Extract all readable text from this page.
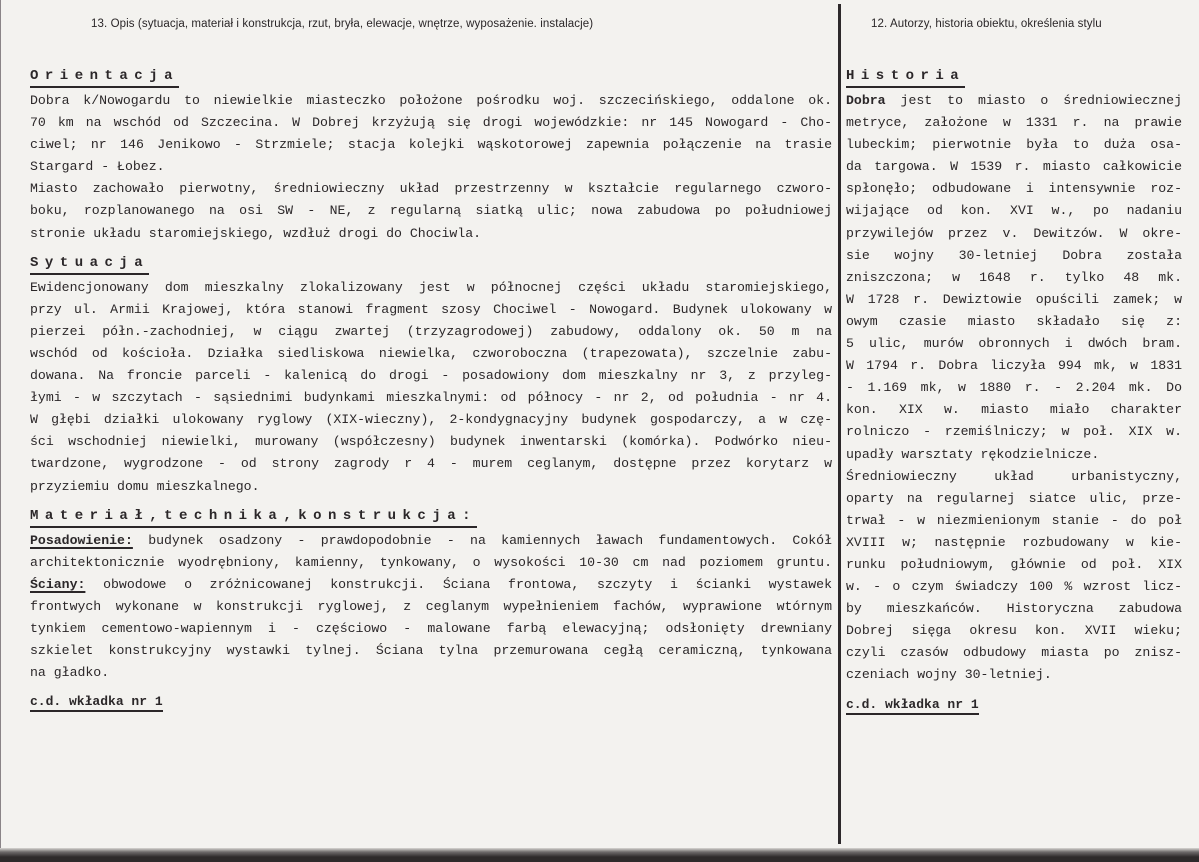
13. Opis (sytuacja, materiał i konstrukcja, rzut, bryła, elewacje, wnętrze, wyposażenie. instalacje)	12. Autorzy, historia obiektu, określenia stylu
Orientacja
Dobra k/Nowogardu to niewielkie miasteczko położone pośrodku woj. szczecińskiego, oddalone ok.
70 km na wschód od Szczecina. W Dobrej krzyżują się drogi wojewódzkie: nr 145 Nowogard - Cho-
ciwel; nr 146 Jenikowo - Strzmiele; stacja kolejki wąskotorowej zapewnia połączenie na trasie
Stargard - Łobez.
Miasto zachowało pierwotny, średniowieczny układ przestrzenny w kształcie regularnego czworo-
boku, rozplanowanego na osi SW - NE, z regularną siatką ulic; nowa zabudowa po południowej
stronie układu staromiejskiego, wzdłuż drogi do Chociwla.
Sytuacja
Ewidencjonowany dom mieszkalny zlokalizowany jest w północnej części układu staromiejskiego,
przy ul. Armii Krajowej, która stanowi fragment szosy Chociwel - Nowogard. Budynek ulokowany w
pierzei półn.-zachodniej, w ciągu zwartej (trzyzagrodowej) zabudowy, oddalony ok. 50 m na
wschód od kościoła. Działka siedliskowa niewielka, czworoboczna (trapezowata), szczelnie zabu-
dowana. Na froncie parceli - kalenicą do drogi - posadowiony dom mieszkalny nr 3, z przyleg-
łymi - w szczytach - sąsiednimi budynkami mieszkalnymi: od północy - nr 2, od południa - nr 4.
W głębi działki ulokowany ryglowy (XIX-wieczny), 2-kondygnacyjny budynek gospodarczy, a w czę-
ści wschodniej niewielki, murowany (współczesny) budynek inwentarski (komórka). Podwórko nieu-
twardzone, wygrodzone - od strony zagrody r 4 - murem ceglanym, dostępne przez korytarz w
przyziemiu domu mieszkalnego.
Materiał,technika,konstrukcja:
Posadowienie: budynek osadzony - prawdopodobnie - na kamiennych ławach fundamentowych. Cokół
architektonicznie wyodrębniony, kamienny, tynkowany, o wysokości 10-30 cm nad poziomem gruntu.
Ściany: obwodowe o zróżnicowanej konstrukcji. Ściana frontowa, szczyty i ścianki wystawek
frontwych wykonane w konstrukcji ryglowej, z ceglanym wypełnieniem fachów, wyprawione wtórnym
tynkiem cementowo-wapiennym i - częściowo - malowane farbą elewacyjną; odsłonięty drewniany
szkielet konstrukcyjny wystawki tylnej. Ściana tylna przemurowana cegłą ceramiczną, tynkowana
na gładko.
c.d. wkładka nr 1
Historia
Dobra jest to miasto o średniowiecznej
metryce, założone w 1331 r. na prawie
lubeckim; pierwotnie była to duża osa-
da targowa. W 1539 r. miasto całkowicie
spłonęło; odbudowane i intensywnie roz-
wijające od kon. XVI w., po nadaniu
przywilejów przez v. Dewitzów. W okre-
sie wojny 30-letniej Dobra została
zniszczona; w 1648 r. tylko 48 mk.
W 1728 r. Dewiztowie opuścili zamek; w
owym czasie miasto składało się z:
5 ulic, murów obronnych i dwóch bram.
W 1794 r. Dobra liczyła 994 mk, w 1831
- 1.169 mk, w 1880 r. - 2.204 mk. Do
kon. XIX w. miasto miało charakter
rolniczo - rzemiślniczy; w poł. XIX w.
upadły warsztaty rękodzielnicze.
Średniowieczny układ urbanistyczny,
oparty na regularnej siatce ulic, prze-
trwał - w niezmienionym stanie - do poł
XVIII w; następnie rozbudowany w kie-
runku południowym, głównie od poł. XIX
w. - o czym świadczy 100 % wzrost licz-
by mieszkańców. Historyczna zabudowa
Dobrej sięga okresu kon. XVII wieku;
czyli czasów odbudowy miasta po znisz-
czeniach wojny 30-letniej.
c.d. wkładka nr 1
